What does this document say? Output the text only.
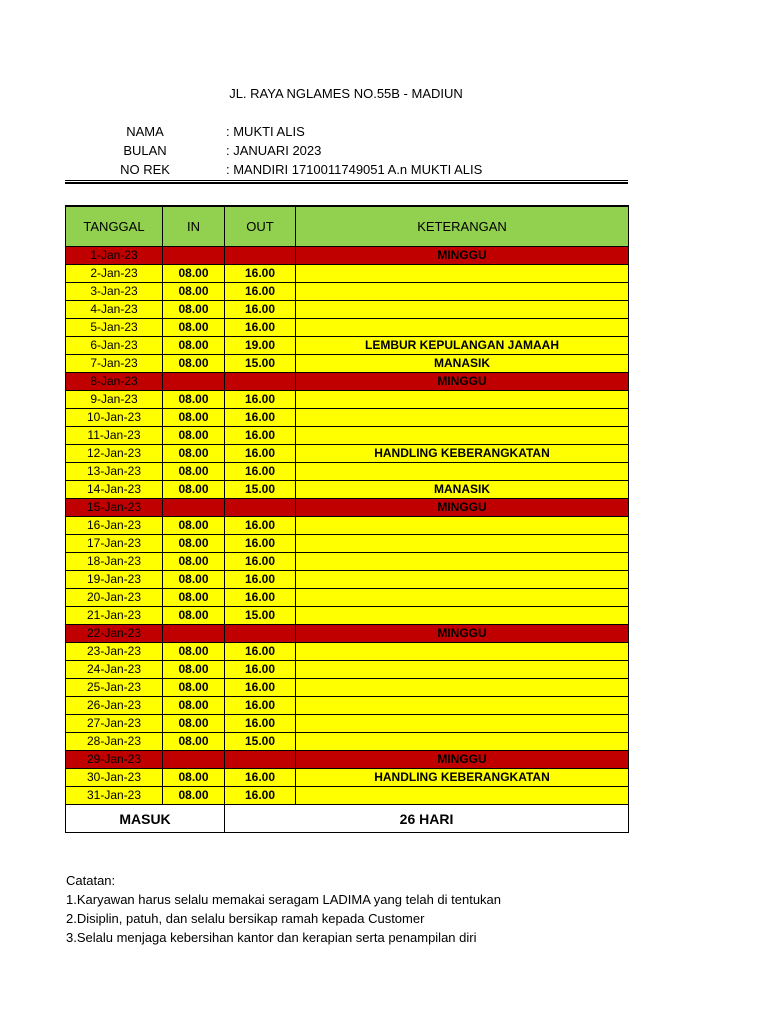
JL. RAYA NGLAMES NO.55B - MADIUN
NAMA	: MUKTI ALIS
BULAN	: JANUARI 2023
NO REK	: MANDIRI 1710011749051 A.n MUKTI ALIS
TANGGAL	IN	OUT	KETERANGAN
1-Jan-23			MINGGU
2-Jan-23	08.00	16.00	
3-Jan-23	08.00	16.00	
4-Jan-23	08.00	16.00	
5-Jan-23	08.00	16.00	
6-Jan-23	08.00	19.00	LEMBUR KEPULANGAN JAMAAH
7-Jan-23	08.00	15.00	MANASIK
8-Jan-23			MINGGU
9-Jan-23	08.00	16.00	
10-Jan-23	08.00	16.00	
11-Jan-23	08.00	16.00	
12-Jan-23	08.00	16.00	HANDLING KEBERANGKATAN
13-Jan-23	08.00	16.00	
14-Jan-23	08.00	15.00	MANASIK
15-Jan-23			MINGGU
16-Jan-23	08.00	16.00	
17-Jan-23	08.00	16.00	
18-Jan-23	08.00	16.00	
19-Jan-23	08.00	16.00	
20-Jan-23	08.00	16.00	
21-Jan-23	08.00	15.00	
22-Jan-23			MINGGU
23-Jan-23	08.00	16.00	
24-Jan-23	08.00	16.00	
25-Jan-23	08.00	16.00	
26-Jan-23	08.00	16.00	
27-Jan-23	08.00	16.00	
28-Jan-23	08.00	15.00	
29-Jan-23			MINGGU
30-Jan-23	08.00	16.00	HANDLING KEBERANGKATAN
31-Jan-23	08.00	16.00	
MASUK		26 HARI	
Catatan:
1.Karyawan harus selalu memakai seragam LADIMA yang telah di tentukan
2.Disiplin, patuh, dan selalu bersikap ramah kepada Customer
3.Selalu menjaga kebersihan kantor dan kerapian serta penampilan diri
